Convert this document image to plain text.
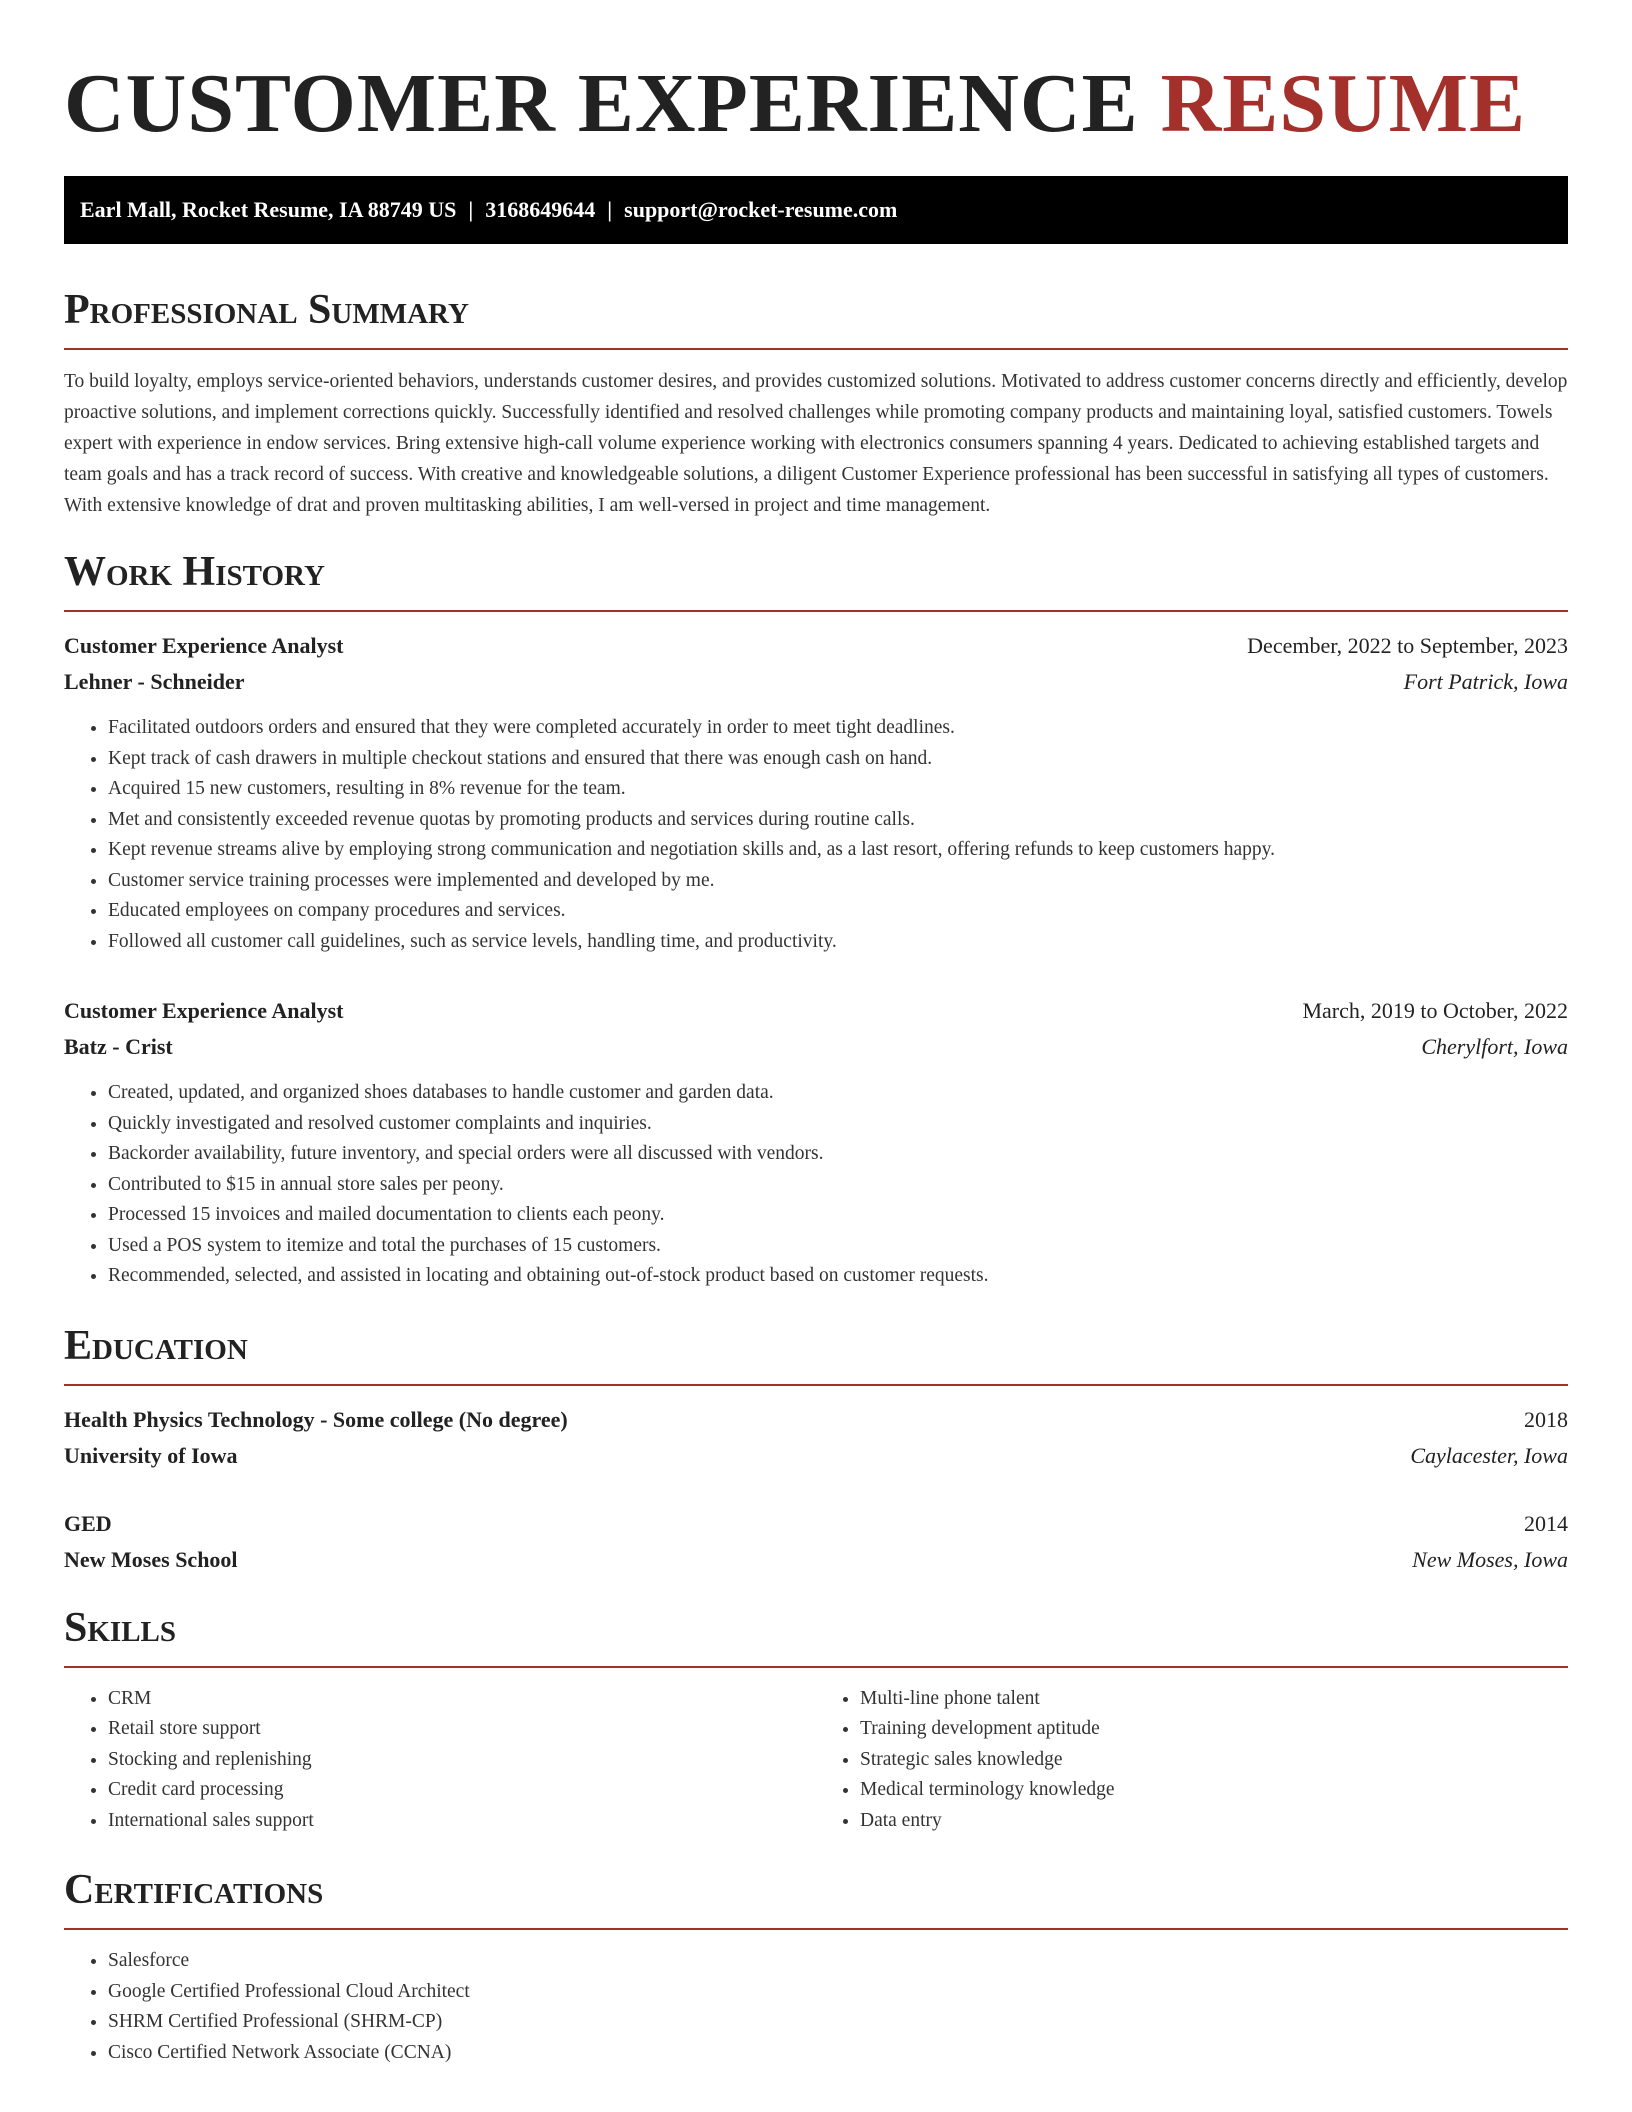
CUSTOMER EXPERIENCE RESUME
Earl Mall, Rocket Resume, IA 88749 US | 3168649644 | support@rocket-resume.com
Professional Summary

To build loyalty, employs service-oriented behaviors, understands customer desires, and provides customized solutions. Motivated to address customer concerns directly and efficiently, develop proactive solutions, and implement corrections quickly. Successfully identified and resolved challenges while promoting company products and maintaining loyal, satisfied customers. Towels expert with experience in endow services. Bring extensive high-call volume experience working with electronics consumers spanning 4 years. Dedicated to achieving established targets and team goals and has a track record of success. With creative and knowledgeable solutions, a diligent Customer Experience professional has been successful in satisfying all types of customers. With extensive knowledge of drat and proven multitasking abilities, I am well-versed in project and time management.

Work History
Customer Experience Analyst	December, 2022 to September, 2023
Lehner - Schneider	Fort Patrick, Iowa
• Facilitated outdoors orders and ensured that they were completed accurately in order to meet tight deadlines.
• Kept track of cash drawers in multiple checkout stations and ensured that there was enough cash on hand.
• Acquired 15 new customers, resulting in 8% revenue for the team.
• Met and consistently exceeded revenue quotas by promoting products and services during routine calls.
• Kept revenue streams alive by employing strong communication and negotiation skills and, as a last resort, offering refunds to keep customers happy.
• Customer service training processes were implemented and developed by me.
• Educated employees on company procedures and services.
• Followed all customer call guidelines, such as service levels, handling time, and productivity.
Customer Experience Analyst	March, 2019 to October, 2022
Batz - Crist	Cherylfort, Iowa
• Created, updated, and organized shoes databases to handle customer and garden data.
• Quickly investigated and resolved customer complaints and inquiries.
• Backorder availability, future inventory, and special orders were all discussed with vendors.
• Contributed to $15 in annual store sales per peony.
• Processed 15 invoices and mailed documentation to clients each peony.
• Used a POS system to itemize and total the purchases of 15 customers.
• Recommended, selected, and assisted in locating and obtaining out-of-stock product based on customer requests.
Education
Health Physics Technology - Some college (No degree)	2018
University of Iowa	Caylacester, Iowa
GED	2014
New Moses School	New Moses, Iowa
Skills
• CRM
• Retail store support
• Stocking and replenishing
• Credit card processing
• International sales support
• Multi-line phone talent
• Training development aptitude
• Strategic sales knowledge
• Medical terminology knowledge
• Data entry
Certifications
• Salesforce
• Google Certified Professional Cloud Architect
• SHRM Certified Professional (SHRM-CP)
• Cisco Certified Network Associate (CCNA)
